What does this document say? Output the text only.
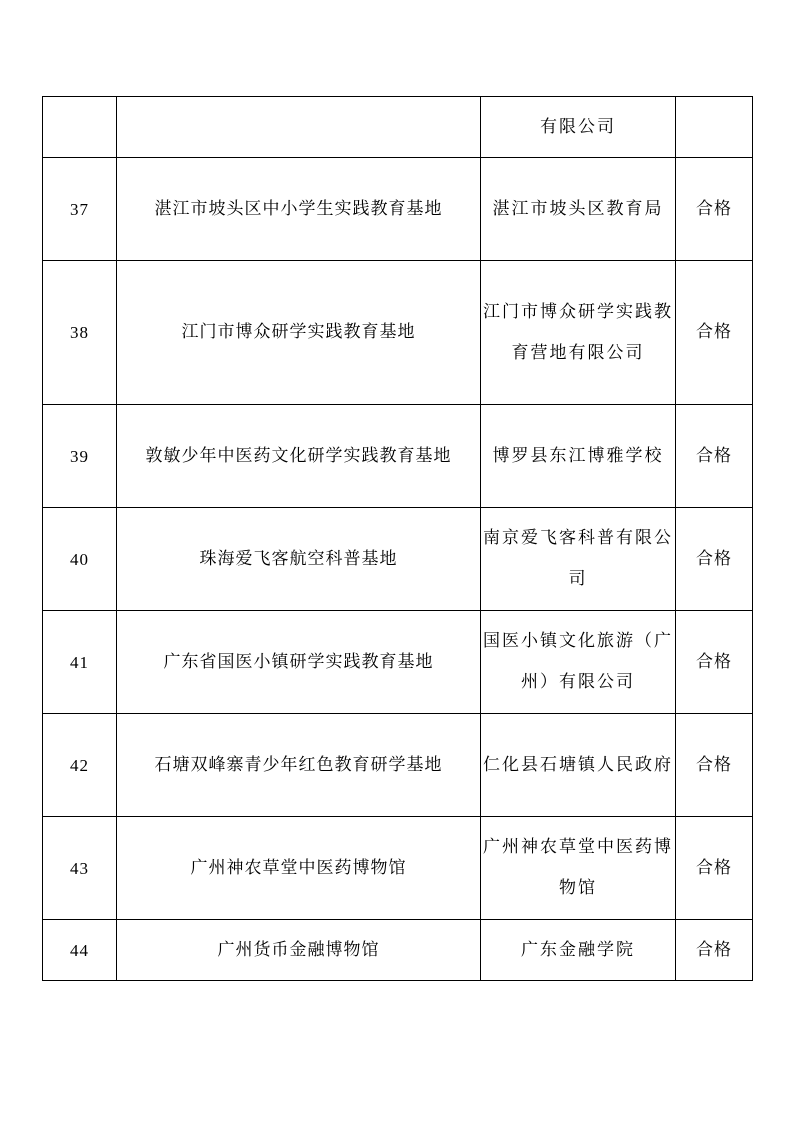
		有限公司	
37	湛江市坡头区中小学生实践教育基地	湛江市坡头区教育局	合格
38	江门市博众研学实践教育基地	江门市博众研学实践教育营地有限公司	合格
39	敦敏少年中医药文化研学实践教育基地	博罗县东江博雅学校	合格
40	珠海爱飞客航空科普基地	南京爱飞客科普有限公司	合格
41	广东省国医小镇研学实践教育基地	国医小镇文化旅游（广州）有限公司	合格
42	石塘双峰寨青少年红色教育研学基地	仁化县石塘镇人民政府	合格
43	广州神农草堂中医药博物馆	广州神农草堂中医药博物馆	合格
44	广州货币金融博物馆	广东金融学院	合格
